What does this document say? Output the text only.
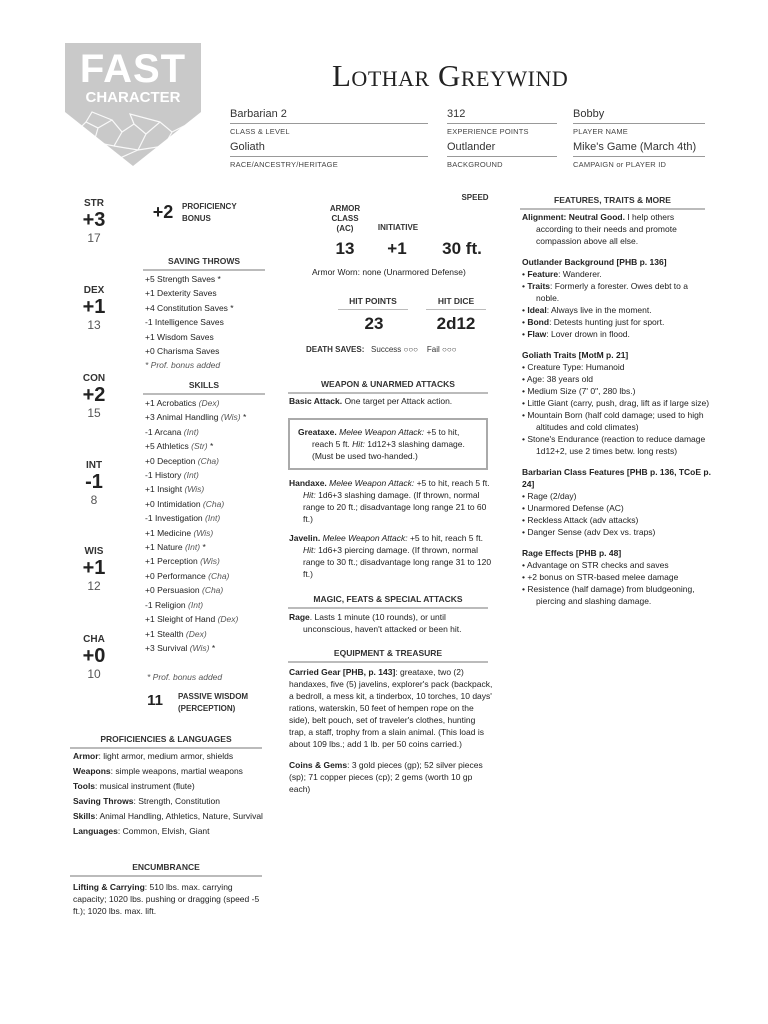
FAST
CHARACTER
Lothar Greywind
Barbarian 2
CLASS & LEVEL
312
EXPERIENCE POINTS
Bobby
PLAYER NAME
Goliath
RACE/ANCESTRY/HERITAGE
Outlander
BACKGROUND
Mike's Game (March 4th)
CAMPAIGN or PLAYER ID
STR
+3
17
DEX
+1
13
CON
+2
15
INT
-1
8
WIS
+1
12
CHA
+0
10
+2	PROFICIENCY
BONUS
SAVING THROWS
+5 Strength Saves *
+1 Dexterity Saves
+4 Constitution Saves *
-1 Intelligence Saves
+1 Wisdom Saves
+0 Charisma Saves
* Prof. bonus added
SKILLS
+1 Acrobatics (Dex)
+3 Animal Handling (Wis) *
-1 Arcana (Int)
+5 Athletics (Str) *
+0 Deception (Cha)
-1 History (Int)
+1 Insight (Wis)
+0 Intimidation (Cha)
-1 Investigation (Int)
+1 Medicine (Wis)
+1 Nature (Int) *
+1 Perception (Wis)
+0 Performance (Cha)
+0 Persuasion (Cha)
-1 Religion (Int)
+1 Sleight of Hand (Dex)
+1 Stealth (Dex)
+3 Survival (Wis) *
* Prof. bonus added
11	PASSIVE WISDOM
(PERCEPTION)
PROFICIENCIES & LANGUAGES
Armor: light armor, medium armor, shields
Weapons: simple weapons, martial weapons
Tools: musical instrument (flute)
Saving Throws: Strength, Constitution
Skills: Animal Handling, Athletics, Nature, Survival
Languages: Common, Elvish, Giant
ENCUMBRANCE
Lifting & Carrying: 510 lbs. max. carrying capacity; 1020 lbs. pushing or dragging (speed -5 ft.); 1020 lbs. max. lift.
ARMOR
CLASS
(AC)	INITIATIVE
SPEED
13	+1	30 ft.
Armor Worn: none (Unarmored Defense)
HIT POINTS	HIT DICE
23	2d12
DEATH SAVES: Success ○○○ Fail ○○○
WEAPON & UNARMED ATTACKS
Basic Attack. One target per Attack action.
Greataxe. Melee Weapon Attack: +5 to hit, reach 5 ft. Hit: 1d12+3 slashing damage. (Must be used two-handed.)
Handaxe. Melee Weapon Attack: +5 to hit, reach 5 ft. Hit: 1d6+3 slashing damage. (If thrown, normal range to 20 ft.; disadvantage long range 21 to 60 ft.)
Javelin. Melee Weapon Attack: +5 to hit, reach 5 ft. Hit: 1d6+3 piercing damage. (If thrown, normal range to 30 ft.; disadvantage long range 31 to 120 ft.)
MAGIC, FEATS & SPECIAL ATTACKS
Rage. Lasts 1 minute (10 rounds), or until unconscious, haven't attacked or been hit.
EQUIPMENT & TREASURE

Carried Gear [PHB, p. 143]: greataxe, two (2) handaxes, five (5) javelins, explorer's pack (backpack, a bedroll, a mess kit, a tinderbox, 10 torches, 10 days' rations, waterskin, 50 feet of hempen rope on the side), belt pouch, set of traveler's clothes, hunting trap, a staff, trophy from a slain animal. (This load is about 109 lbs.; add 1 lb. per 50 coins carried.)

Coins & Gems: 3 gold pieces (gp); 52 silver pieces (sp); 71 copper pieces (cp); 2 gems (worth 10 gp each)

FEATURES, TRAITS & MORE

Alignment: Neutral Good. I help others according to their needs and promote compassion above all else.

Outlander Background [PHB p. 136]
• Feature: Wanderer.
• Traits: Formerly a forester. Owes debt to a noble.
• Ideal: Always live in the moment.
• Bond: Detests hunting just for sport.
• Flaw: Lover drown in flood.
Goliath Traits [MotM p. 21]
• Creature Type: Humanoid
• Age: 38 years old
• Medium Size (7' 0", 280 lbs.)
• Little Giant (carry, push, drag, lift as if large size)
• Mountain Born (half cold damage; used to high altitudes and cold climates)
• Stone's Endurance (reaction to reduce damage 1d12+2, use 2 times betw. long rests)
Barbarian Class Features [PHB p. 136, TCoE p. 24]
• Rage (2/day)
• Unarmored Defense (AC)
• Reckless Attack (adv attacks)
• Danger Sense (adv Dex vs. traps)
Rage Effects [PHB p. 48]
• Advantage on STR checks and saves
• +2 bonus on STR-based melee damage
• Resistence (half damage) from bludgeoning, piercing and slashing damage.
